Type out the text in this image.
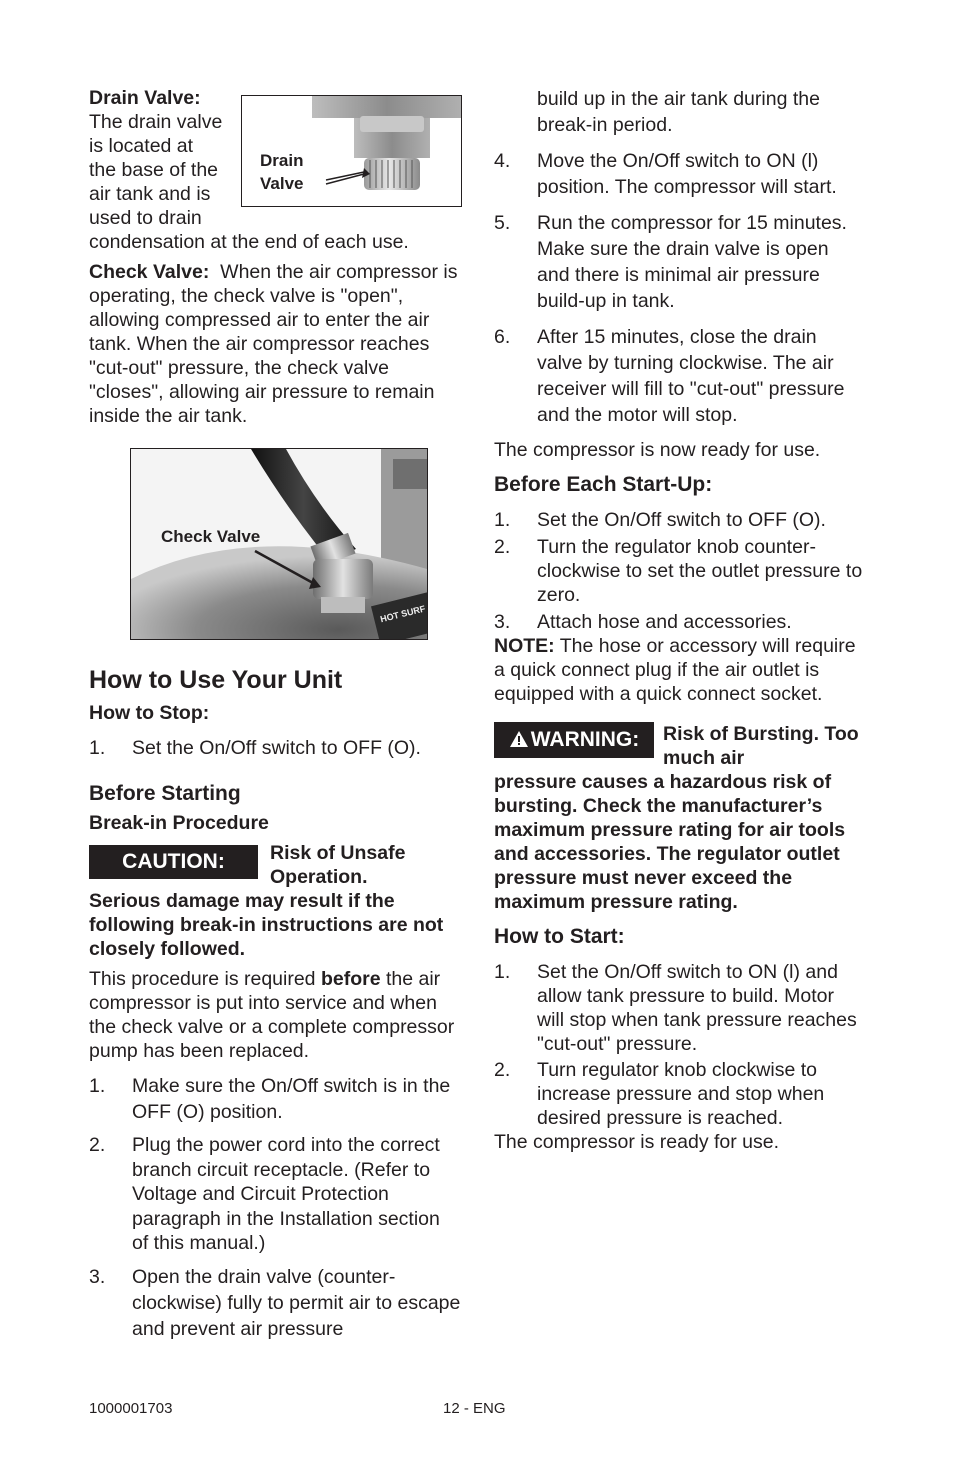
Drain Valve:
The drain valve
is located at
the base of the
air tank and is
used to drain
condensation at the end of each use.

Drain
Valve

Check Valve: When the air compressor is operating, the check valve is "open", allowing compressed air to enter the air tank. When the air compressor reaches "cut-out" pressure, the check valve "closes", allowing air pressure to remain inside the air tank.

HOT SURF
Check Valve
How to Use Your Unit
How to Stop:
1. Set the On/Off switch to OFF (O).
Before Starting
Break-in Procedure
CAUTION:	Risk of Unsafe Operation.

Serious damage may result if the following break-in instructions are not closely followed.

This procedure is required before the air compressor is put into service and when the check valve or a complete compressor pump has been replaced.

1. Make sure the On/Off switch is in the OFF (O) position.
2. Plug the power cord into the correct branch circuit receptacle. (Refer to Voltage and Circuit Protection paragraph in the Installation section of this manual.)
3. Open the drain valve (counter-clockwise) fully to permit air to escape and prevent air pressure

build up in the air tank during the break-in period.

4. Move the On/Off switch to ON (l) position. The compressor will start.
5. Run the compressor for 15 minutes. Make sure the drain valve is open and there is minimal air pressure build-up in tank.
6. After 15 minutes, close the drain valve by turning clockwise. The air receiver will fill to "cut-out" pressure and the motor will stop.

The compressor is now ready for use.

Before Each Start-Up:
1. Set the On/Off switch to OFF (O).
2. Turn the regulator knob counter-clockwise to set the outlet pressure to zero.
3. Attach hose and accessories.

NOTE: The hose or accessory will require a quick connect plug if the air outlet is equipped with a quick connect socket.

WARNING:	Risk of Bursting. Too much air

pressure causes a hazardous risk of bursting. Check the manufacturer’s maximum pressure rating for air tools and accessories. The regulator outlet pressure must never exceed the maximum pressure rating.

How to Start:
1. Set the On/Off switch to ON (l) and allow tank pressure to build. Motor will stop when tank pressure reaches "cut-out" pressure.
2. Turn regulator knob clockwise to increase pressure and stop when desired pressure is reached.

The compressor is ready for use.

1000001703	12 - ENG
